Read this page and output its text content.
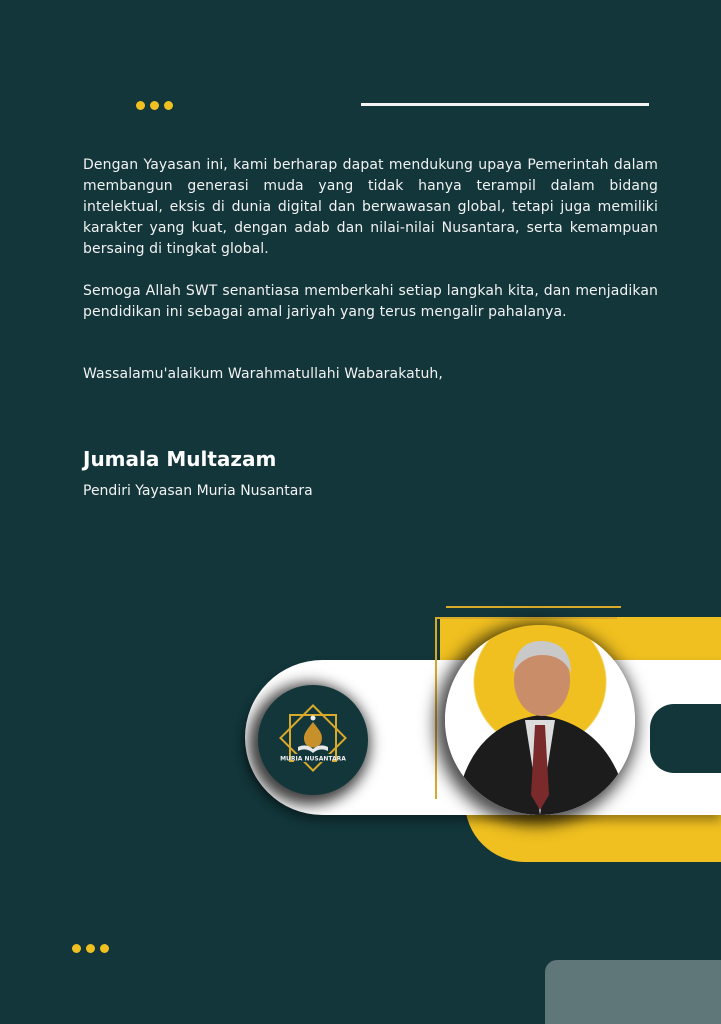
Dengan Yayasan ini, kami berharap dapat mendukung upaya Pemerintah dalam membangun generasi muda yang tidak hanya terampil dalam bidang intelektual, eksis di dunia digital dan berwawasan global, tetapi juga memiliki karakter yang kuat, dengan adab dan nilai-nilai Nusantara, serta kemampuan bersaing di tingkat global.

Semoga Allah SWT senantiasa memberkahi setiap langkah kita, dan menjadikan pendidikan ini sebagai amal jariyah yang terus mengalir pahalanya.

Wassalamu'alaikum Warahmatullahi Wabarakatuh,

Jumala Multazam
Pendiri Yayasan Muria Nusantara
MURIA NUSANTARA
